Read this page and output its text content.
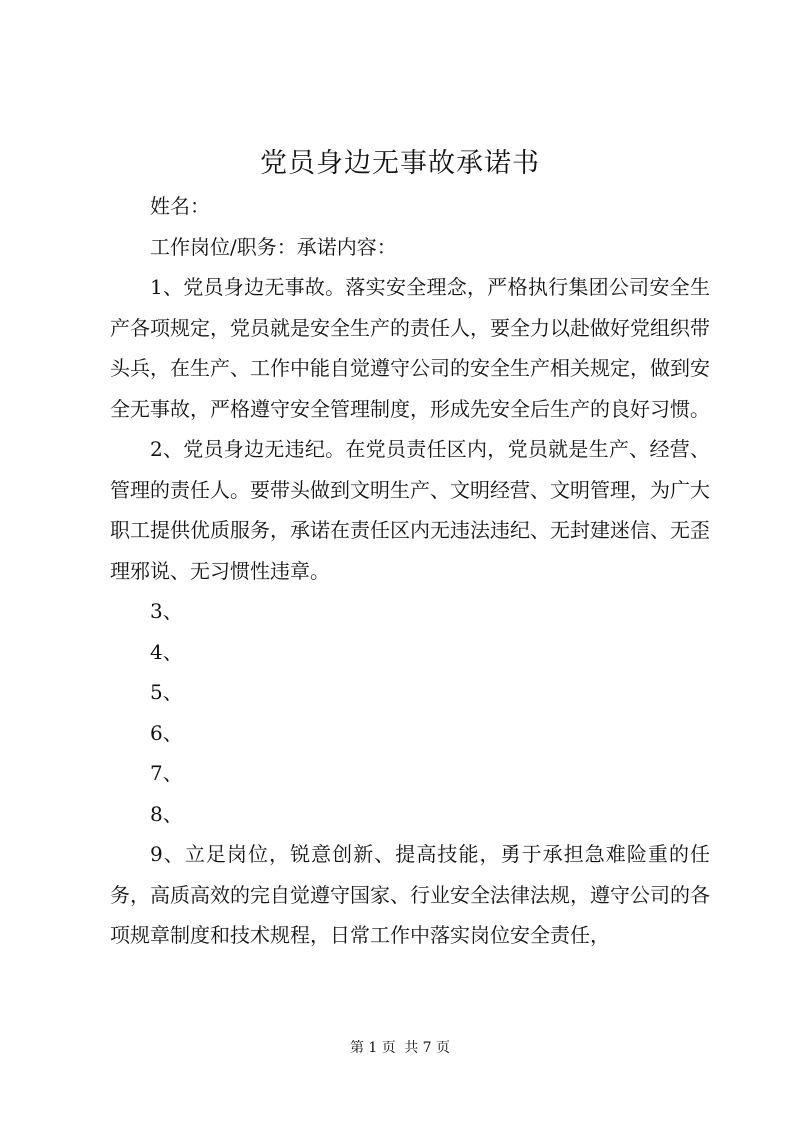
党员身边无事故承诺书

姓名：

工作岗位/职务：承诺内容：

1、党员身边无事故。落实安全理念，严格执行集团公司安全生产各项规定，党员就是安全生产的责任人，要全力以赴做好党组织带头兵，在生产、工作中能自觉遵守公司的安全生产相关规定，做到安全无事故，严格遵守安全管理制度，形成先安全后生产的良好习惯。

2、党员身边无违纪。在党员责任区内，党员就是生产、经营、管理的责任人。要带头做到文明生产、文明经营、文明管理，为广大职工提供优质服务，承诺在责任区内无违法违纪、无封建迷信、无歪理邪说、无习惯性违章。

3、

4、

5、

6、

7、

8、

9、立足岗位，锐意创新、提高技能，勇于承担急难险重的任务，高质高效的完自觉遵守国家、行业安全法律法规，遵守公司的各项规章制度和技术规程，日常工作中落实岗位安全责任，

第 1 页 共 7 页
